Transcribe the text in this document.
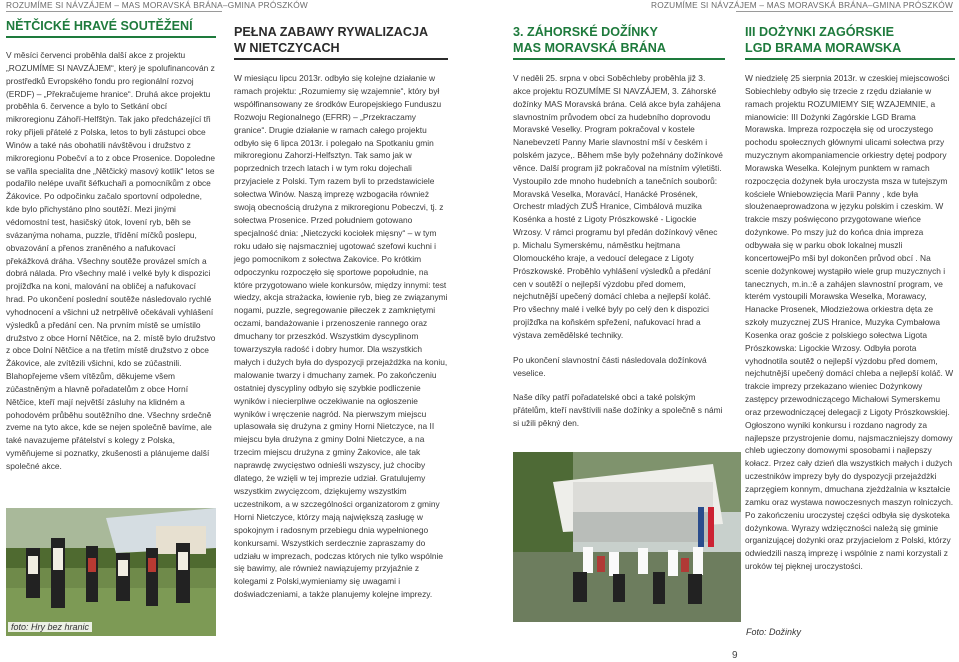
ROZUMÍME SI NÁVZÁJEM – MAS MORAVSKÁ BRÁNA–GMINA PRÓSZKÓW	ROZUMÍME SI NÁVZÁJEM – MAS MORAVSKÁ BRÁNA–GMINA PRÓSZKÓW
NĚTČICKÉ HRAVÉ SOUTĚŽENÍ

V měsíci červenci proběhla další akce z projektu „ROZUMÍME SI NAVZÁJEM“, který je spolufinancován z prostředků Evropského fondu pro regionální rozvoj (ERDF) – „Překračujeme hranice“. Druhá akce projektu proběhla 6. července a bylo to Setkání obcí mikroregionu Záhoří-Helfštýn. Tak jako předcházející tři roky přijeli přátelé z Polska, letos to byli zástupci obce Winów a také nás obohatili návštěvou i družstvo z mikroregionu Pobečví a to z obce Prosenice. Dopoledne se vařila specialita dne „Nětčický masový kotlík“ letos se podařilo nelépe uvařit šéfkuchaři a pomocníkům z obce Žákovice. Po odpočinku začalo sportovní odpoledne, kde bylo přichystáno plno soutěží. Mezi jinými védomostní test, hasičský útok, lovení ryb, běh se svázanýma nohama, puzzle, třídění míčků poslepu, obvazování a přenos zraněného a nafukovací překážková dráha. Všechny soutěže provázel smích a dobrá nálada. Pro všechny malé i velké byly k dispozici projížďka na koni, malování na obličej a nafukovací hrad. Po ukončení poslední soutěže následovalo rychlé vyhodnocení a všichni už netrpělivě očekávali vyhlášení výsledků a předání cen. Na prvním místě se umístilo družstvo z obce Horní Nětčice, na 2. místě bylo družstvo z obce Dolní Nětčice a na třetím místě družstvo z obce Žákovice, ale zvítězili všichni, kdo se zúčastnili. Blahopřejeme všem vítězům, děkujeme všem zúčastněným a hlavně pořadatelům z obce Horní Nětčice, kteří mají největší zásluhy na klidném a pohodovém průběhu soutěžního dne. Všechny srdečně zveme na tyto akce, kde se nejen společně bavíme, ale také navazujeme přátelství s kolegy z Polska, vyměňujeme si poznatky, zkušenosti a plánujeme další společné akce.

foto: Hry bez hranic
PEŁNA ZABAWY RYWALIZACJA
W NIETCZYCACH

W miesiącu lipcu 2013r. odbyło się kolejne działanie w ramach projektu: „Rozumiemy się wzajemnie“, który był współfinansowany ze środków Europejskiego Funduszu Rozwoju Regionalnego (EFRR) – „Przekraczamy granice“. Drugie działanie w ramach całego projektu odbyło się 6 lipca 2013r. i polegało na Spotkaniu gmin mikroregionu Zahorzi-Helfsztyn. Tak samo jak w poprzednich trzech latach i w tym roku dojechali przyjaciele z Polski. Tym razem byli to przedstawiciele sołectwa Winów. Naszą imprezę wzbogaciła również swoją obecnością drużyna z mikroregionu Pobeczvi, tj. z sołectwa Prosenice. Przed południem gotowano specjalność dnia: „Nietczycki kociołek mięsny“ – w tym roku udało się najsmaczniej ugotować szefowi kuchni i jego pomocnikom z sołectwa Żakovice. Po krótkim odpoczynku rozpoczęło się sportowe popołudnie, na które przygotowano wiele konkursów, między innymi: test wiedzy, akcja strażacka, łowienie ryb, bieg ze związanymi nogami, puzzle, segregowanie piłeczek z zamkniętymi oczami, bandażowanie i przenoszenie rannego oraz dmuchany tor przeszkód. Wszystkim dyscyplinom towarzyszyła radość i dobry humor. Dla wszystkich małych i dużych była do dyspozycji przejażdżka na koniu, malowanie twarzy i dmuchany zamek. Po zakończeniu ostatniej dyscypliny odbyło się szybkie podliczenie wyników i niecierpliwe oczekiwanie na ogłoszenie wyników i wręczenie nagród. Na pierwszym miejscu uplasowała się drużyna z gminy Horni Nietczyce, na II miejscu była drużyna z gminy Dolni Nietczyce, a na trzecim miejscu drużyna z gminy Żakovice, ale tak naprawdę zwycięstwo odnieśli wszyscy, już chociby dlatego, że wzięli w tej imprezie udział. Gratulujemy wszystkim zwycięzcom, dziękujemy wszystkim uczestnikom, a w szczególności organizatorom z gminy Horni Nietczyce, którzy mają największą zasługę w spokojnym i radosnym przebiegu dnia wypełnionego konkursami. Wszystkich serdecznie zapraszamy do udziału w imprezach, podczas których nie tylko wspólnie się bawimy, ale również nawiązujemy przyjaźnie z kolegami z Polski,wymieniamy się uwagami i doświadczeniami, a także planujemy kolejne imprezy.

3. ZÁHORSKÉ DOŽÍNKY
MAS MORAVSKÁ BRÁNA

V neděli 25. srpna v obci Soběchleby proběhla již 3. akce projektu ROZUMÍME SI NAVZÁJEM, 3. Záhorské dožínky MAS Moravská brána. Celá akce byla zahájena slavnostním průvodem obcí za hudebního doprovodu Moravské Veselky. Program pokračoval v kostele Nanebevzetí Panny Marie slavnostní mší v českém i polském jazyce,. Během mše byly požehnány dožínkové věnce. Další program již pokračoval na místním výletišti. Vystoupilo zde mnoho hudebních a tanečních souborů: Moravská Veselka, Moravácí, Hanácké Prosének, Orchestr mladých ZUŠ Hranice, Cimbálová muzika Kosénka a hosté z Ligoty Prószkowské - Ligockie Wrzosy. V rámci programu byl předán dožínkový věnec p. Michalu Symerskému, náměstku hejtmana Olomouckého kraje, a vedoucí delegace z Ligoty Prószkowské. Proběhlo vyhlášení výsledků a předání cen v soutěží o nejlepší výzdobu před domem, nejchutnější upečený domácí chleba a nejlepší koláč. Pro všechny malé i velké byly po celý den k dispozici projížďka na koňském spřežení, nafukovací hrad a výstava zemědělské techniky.

Po ukončení slavnostní části následovala dožínková veselice.

Naše díky patří pořadatelské obci a také polským přátelům, kteří navštívili naše dožínky a společně s námi si užili pěkný den.

III DOŻYNKI ZAGÓRSKIE
LGD BRAMA MORAWSKA

W niedzielę 25 sierpnia 2013r. w czeskiej miejscowości Sobiechleby odbyło się trzecie z rzędu działanie w ramach projektu ROZUMIEMY SIĘ WZAJEMNIE, a mianowicie: III Dożynki Zagórskie LGD Brama Morawska. Impreza rozpoczęła się od uroczystego pochodu społecznych głównymi ulicami sołectwa przy muzycznym akompaniamencie orkiestry dętej podpory Morawska Weselka. Kolejnym punktem w ramach rozpoczęcia dożynek była uroczysta msza w tutejszym kościele Wniebowzięcia Marii Panny , kde była sloużenaeprowadzona w języku polskim i czeskim. W trakcie mszy poświęcono przygotowane wieńce dożynkowe. Po mszy już do końca dnia impreza odbywała się w parku obok lokalnej muszli koncertowejPo mši byl dokončen průvod obcí . Na scenie dożynkowej wystąpiło wiele grup muzycznych i tanecznych, m.in.:ě a zahájen slavnostní program, ve kterém vystoupili Morawska Weselka, Morawacy, Hanacke Prosenek, Młodzieżowa orkiestra dęta ze szkoły muzycznej ZUS Hranice, Muzyka Cymbałowa Kosenka oraz goście z polskiego sołectwa Ligota Prószkowska: Ligockie Wrzosy. Odbyła porota vyhodnotila soutěž o nejlepší výzdobu před domem, nejchutnější upečený domácí chleba a nejlepší koláč. W trakcie imprezy przekazano wieniec Dożynkowy zastępcy przewodniczącego Michałowi Symerskemu oraz przewodniczącej delegacji z Ligoty Prószkowskiej. Ogłoszono wyniki konkursu i rozdano nagrody za najlepsze przystrojenie domu, najsmaczniejszy domowy chleb ugieczony domowymi sposobami i najlepszy kołacz. Przez cały dzień dla wszystkich małych i dużych uczestników imprezy były do dyspozycji przejażdżki zaprzęgiem konnym, dmuchana zjeżdżalnia w kształcie zamku oraz wystawa nowoczesnych maszyn rolniczych. Po zakończeniu uroczystej części odbyła się dyskoteka dożynkowa. Wyrazy wdzięczności należą się gminie organizującej dożynki oraz przyjacielom z Polski, którzy odwiedzili naszą imprezę i wspólnie z nami korzystali z uroków tej pięknej uroczystości.

Foto: Dožinky
9
